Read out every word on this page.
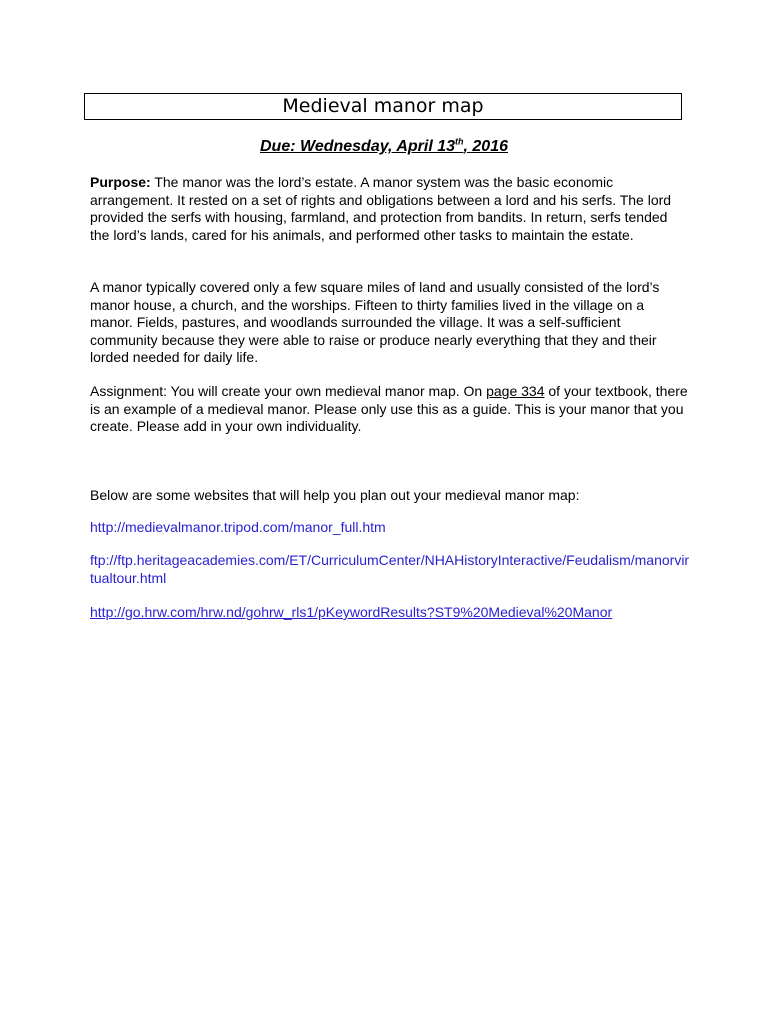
Medieval manor map
Due: Wednesday, April 13th, 2016

Purpose: The manor was the lord’s estate. A manor system was the basic economic arrangement. It rested on a set of rights and obligations between a lord and his serfs. The lord provided the serfs with housing, farmland, and protection from bandits. In return, serfs tended the lord’s lands, cared for his animals, and performed other tasks to maintain the estate.

A manor typically covered only a few square miles of land and usually consisted of the lord’s manor house, a church, and the worships. Fifteen to thirty families lived in the village on a manor. Fields, pastures, and woodlands surrounded the village. It was a self-sufficient community because they were able to raise or produce nearly everything that they and their lorded needed for daily life.

Assignment: You will create your own medieval manor map. On page 334 of your textbook, there is an example of a medieval manor. Please only use this as a guide. This is your manor that you create. Please add in your own individuality.

Below are some websites that will help you plan out your medieval manor map:

http://medievalmanor.tripod.com/manor_full.htm

ftp://ftp.heritageacademies.com/ET/CurriculumCenter/NHAHistoryInteractive/Feudalism/manorvirtualtour.html

http://go.hrw.com/hrw.nd/gohrw_rls1/pKeywordResults?ST9%20Medieval%20Manor
